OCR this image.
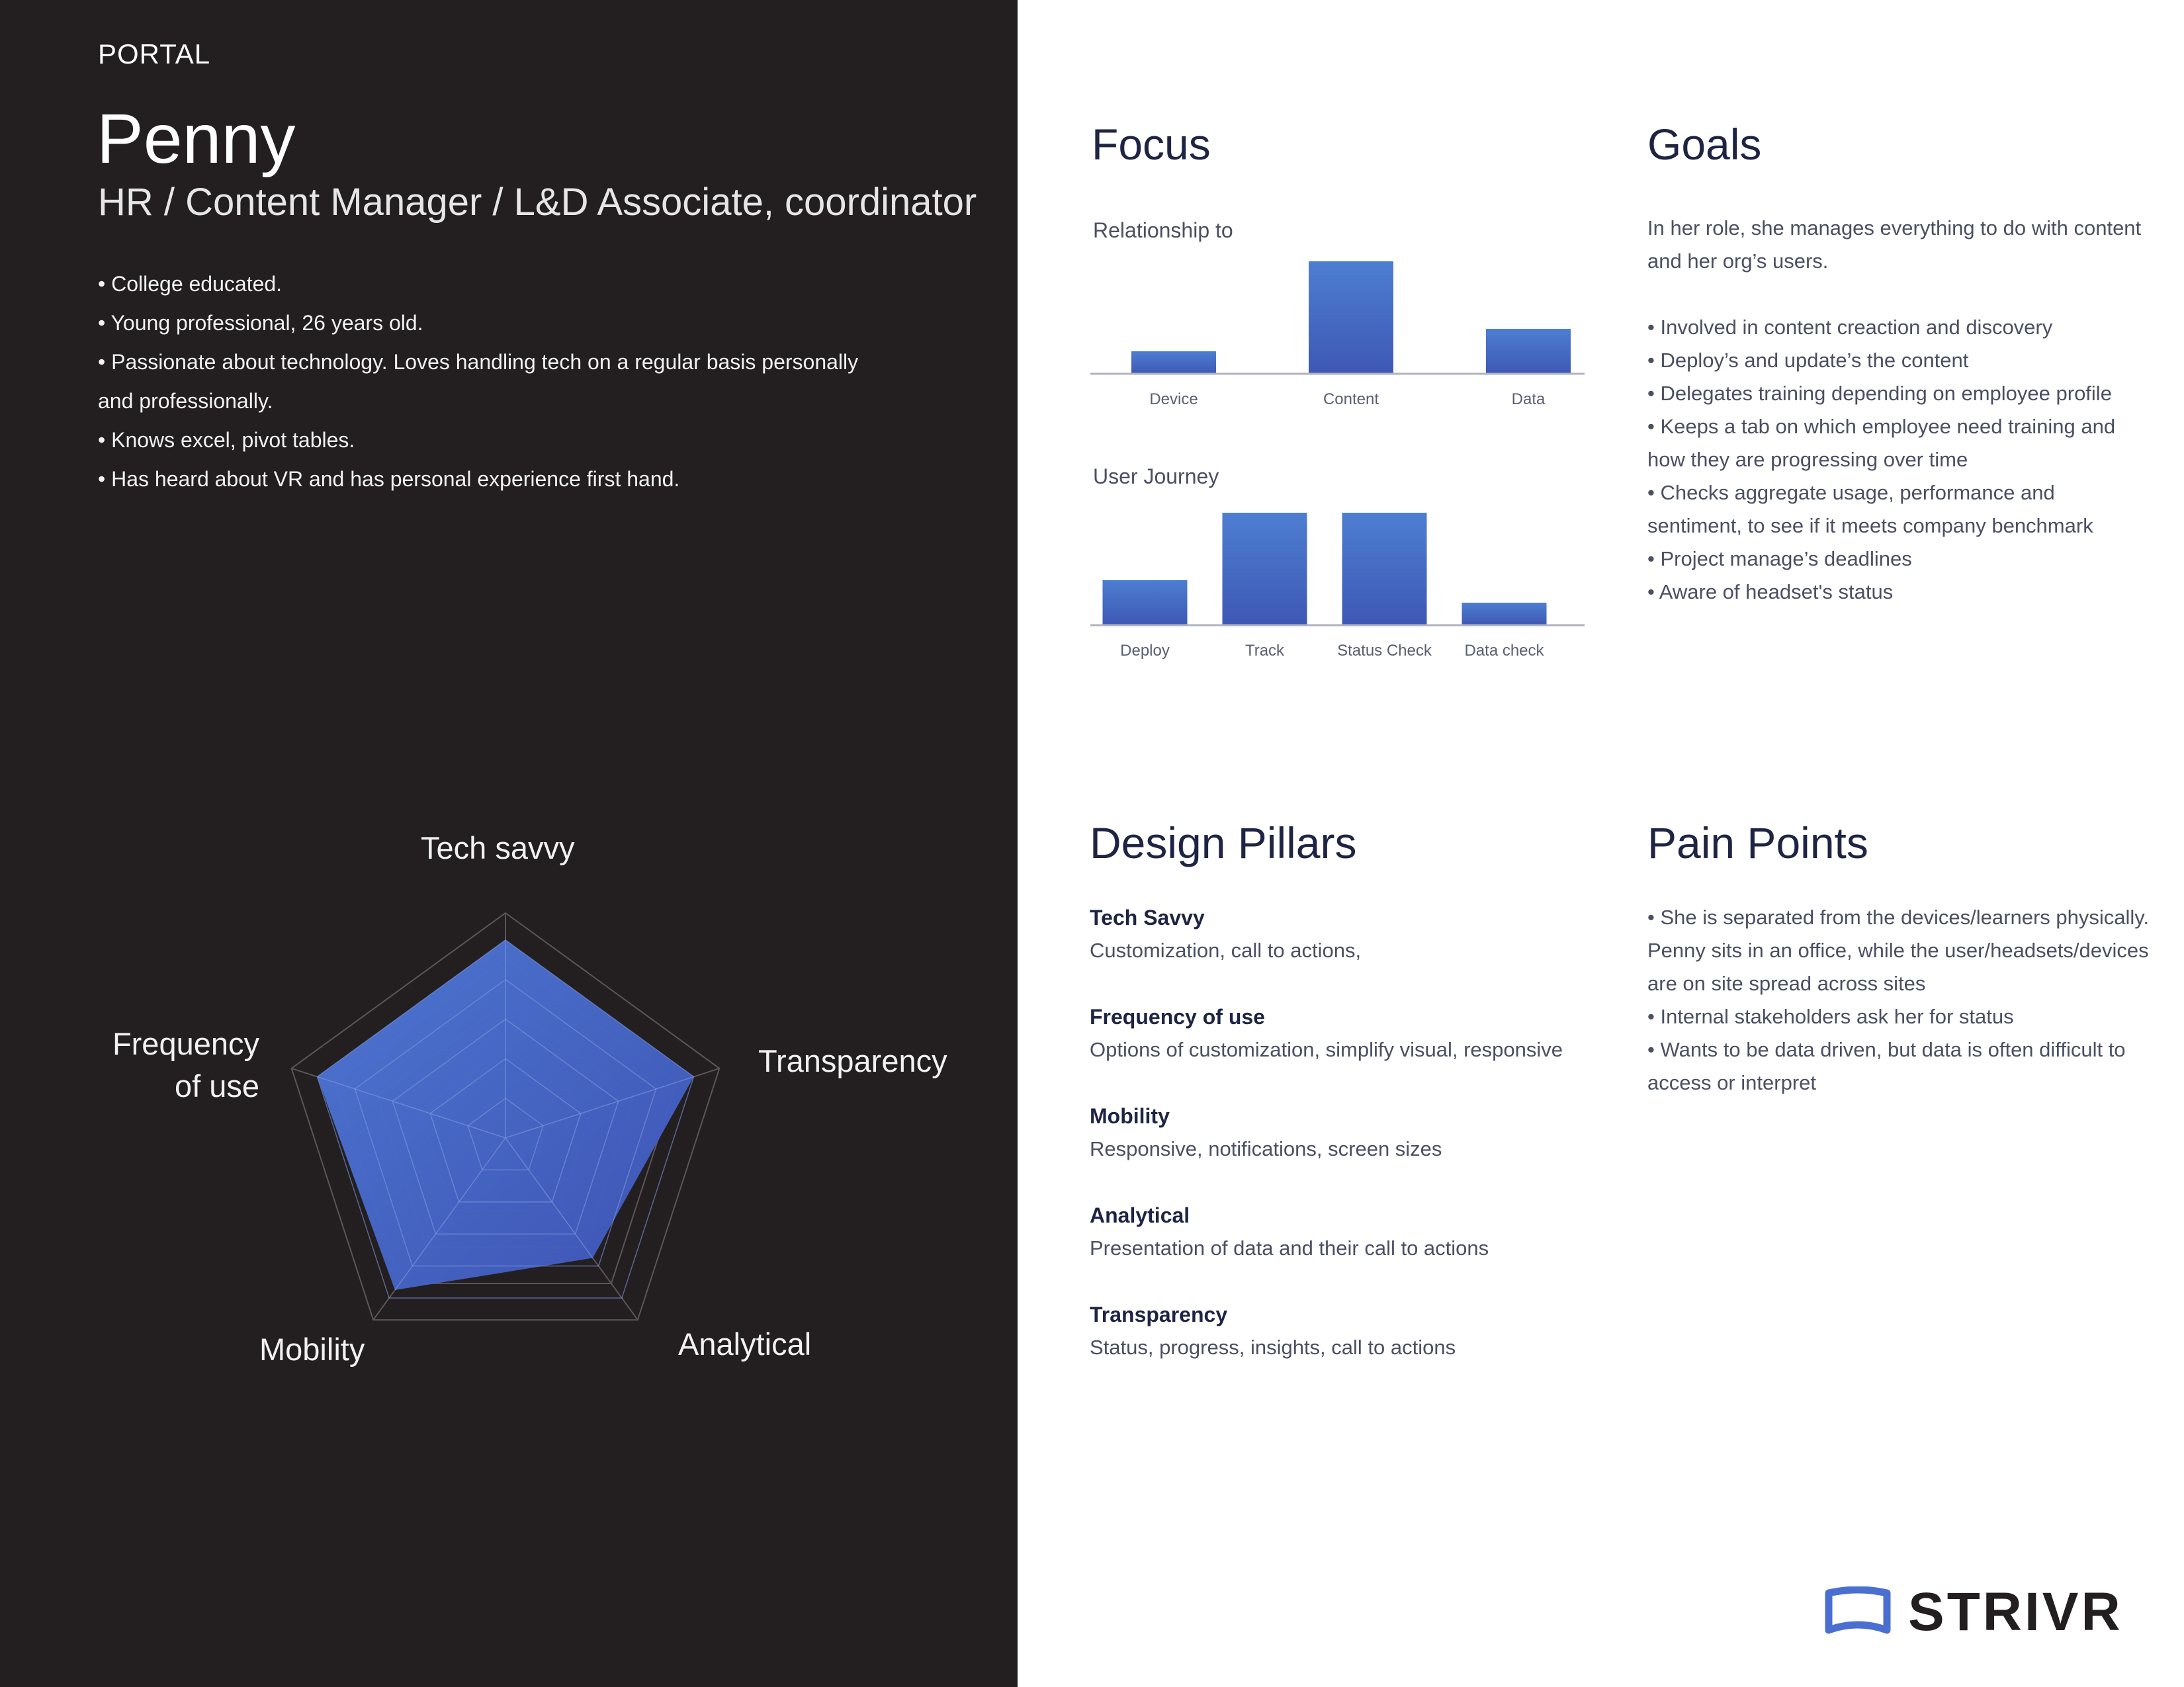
PORTAL
Penny
HR / Content Manager / L&D Associate, coordinator
• College educated.
• Young professional, 26 years old.
• Passionate about technology. Loves handling tech on a regular basis personally
and professionally.
• Knows excel, pivot tables.
• Has heard about VR and has personal experience first hand.
Tech savvy
Transparency
Analytical
Mobility
Frequency
of use
Focus
Relationship to
Device	Content	Data
User Journey
Deploy	Track	Status Check Data check
Goals

In her role, she manages everything to do with content and her org’s users.

• Involved in content creaction and discovery
• Deploy’s and update’s the content
• Delegates training depending on employee profile
• Keeps a tab on which employee need training and how they are progressing over time
• Checks aggregate usage, performance and sentiment, to see if it meets company benchmark
• Project manage’s deadlines
• Aware of headset's status
Design Pillars
Tech Savvy
Customization, call to actions,
Frequency of use
Options of customization, simplify visual, responsive
Mobility
Responsive, notifications, screen sizes
Analytical
Presentation of data and their call to actions
Transparency
Status, progress, insights, call to actions
Pain Points
• She is separated from the devices/learners physically. Penny sits in an office, while the user/headsets/devices are on site spread across sites
• Internal stakeholders ask her for status
• Wants to be data driven, but data is often difficult to access or interpret
STRIVR
